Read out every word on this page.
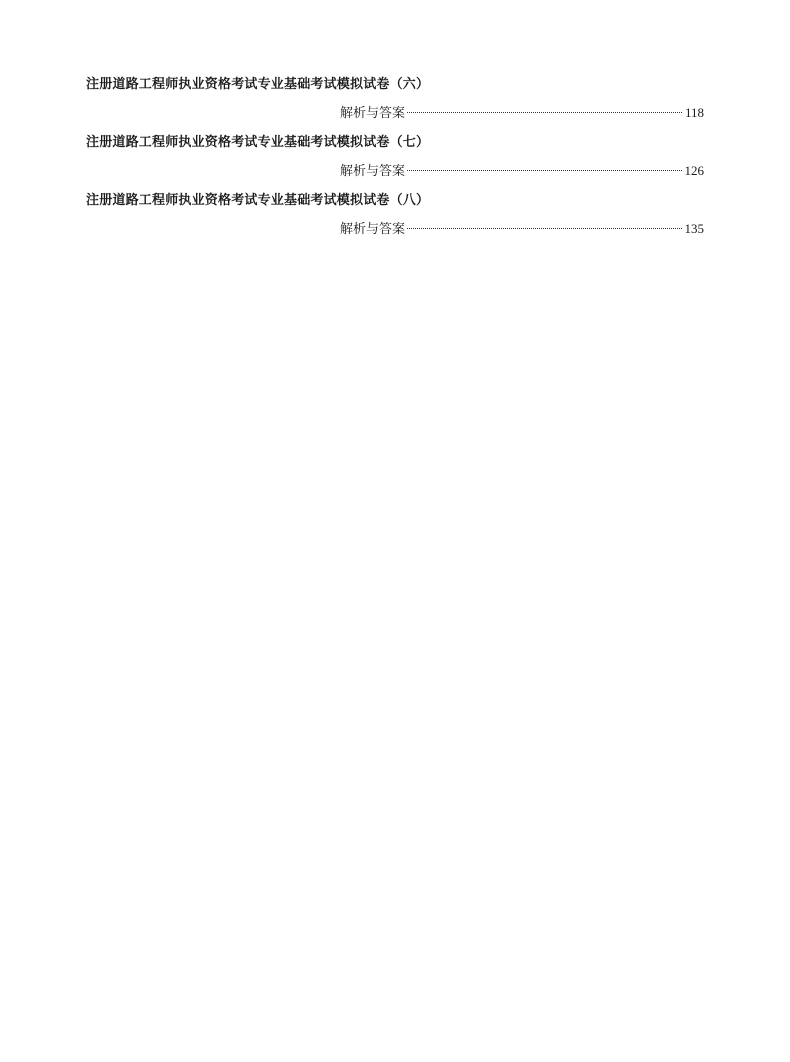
注册道路工程师执业资格考试专业基础考试模拟试卷（六）
解析与答案	118
注册道路工程师执业资格考试专业基础考试模拟试卷（七）
解析与答案	126
注册道路工程师执业资格考试专业基础考试模拟试卷（八）
解析与答案	135
